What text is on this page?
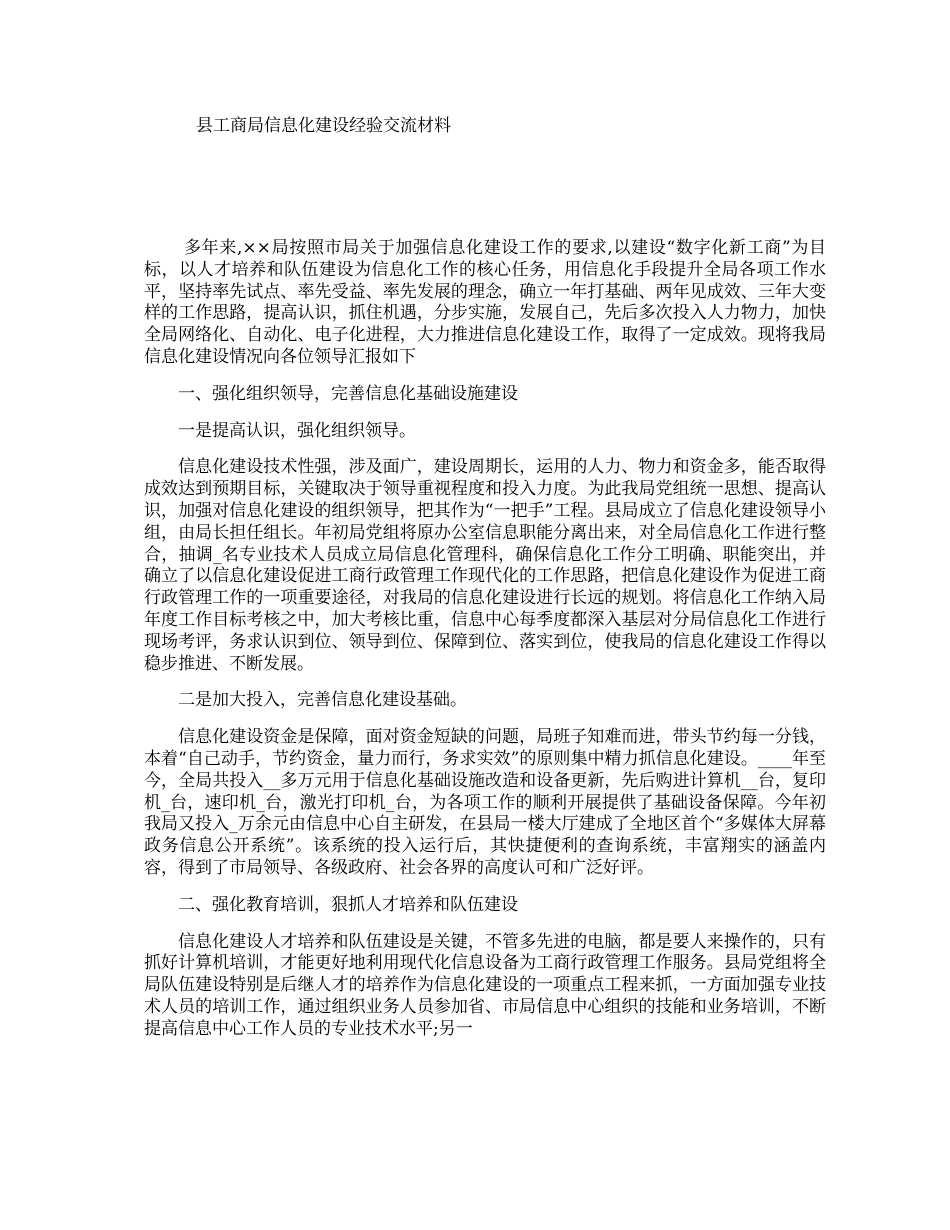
县工商局信息化建设经验交流材料

多年来,××局按照市局关于加强信息化建设工作的要求,以建设“数字化新工商”为目标，以人才培养和队伍建设为信息化工作的核心任务，用信息化手段提升全局各项工作水平，坚持率先试点、率先受益、率先发展的理念，确立一年打基础、两年见成效、三年大变样的工作思路，提高认识，抓住机遇，分步实施，发展自己，先后多次投入人力物力，加快全局网络化、自动化、电子化进程，大力推进信息化建设工作，取得了一定成效。现将我局信息化建设情况向各位领导汇报如下

一、强化组织领导，完善信息化基础设施建设

一是提高认识，强化组织领导。

信息化建设技术性强，涉及面广，建设周期长，运用的人力、物力和资金多，能否取得成效达到预期目标，关键取决于领导重视程度和投入力度。为此我局党组统一思想、提高认识，加强对信息化建设的组织领导，把其作为“一把手”工程。县局成立了信息化建设领导小组，由局长担任组长。年初局党组将原办公室信息职能分离出来，对全局信息化工作进行整合，抽调_名专业技术人员成立局信息化管理科，确保信息化工作分工明确、职能突出，并确立了以信息化建设促进工商行政管理工作现代化的工作思路，把信息化建设作为促进工商行政管理工作的一项重要途径，对我局的信息化建设进行长远的规划。将信息化工作纳入局年度工作目标考核之中，加大考核比重，信息中心每季度都深入基层对分局信息化工作进行现场考评，务求认识到位、领导到位、保障到位、落实到位，使我局的信息化建设工作得以稳步推进、不断发展。

二是加大投入，完善信息化建设基础。

信息化建设资金是保障，面对资金短缺的问题，局班子知难而进，带头节约每一分钱，本着“自己动手，节约资金，量力而行，务求实效”的原则集中精力抓信息化建设。____年至今，全局共投入__多万元用于信息化基础设施改造和设备更新，先后购进计算机__台，复印机_台，速印机_台，激光打印机_台，为各项工作的顺利开展提供了基础设备保障。今年初我局又投入_万余元由信息中心自主研发，在县局一楼大厅建成了全地区首个“多媒体大屏幕政务信息公开系统”。该系统的投入运行后，其快捷便利的查询系统，丰富翔实的涵盖内容，得到了市局领导、各级政府、社会各界的高度认可和广泛好评。

二、强化教育培训，狠抓人才培养和队伍建设

信息化建设人才培养和队伍建设是关键，不管多先进的电脑，都是要人来操作的，只有抓好计算机培训，才能更好地利用现代化信息设备为工商行政管理工作服务。县局党组将全局队伍建设特别是后继人才的培养作为信息化建设的一项重点工程来抓，一方面加强专业技术人员的培训工作，通过组织业务人员参加省、市局信息中心组织的技能和业务培训，不断提高信息中心工作人员的专业技术水平;另一
